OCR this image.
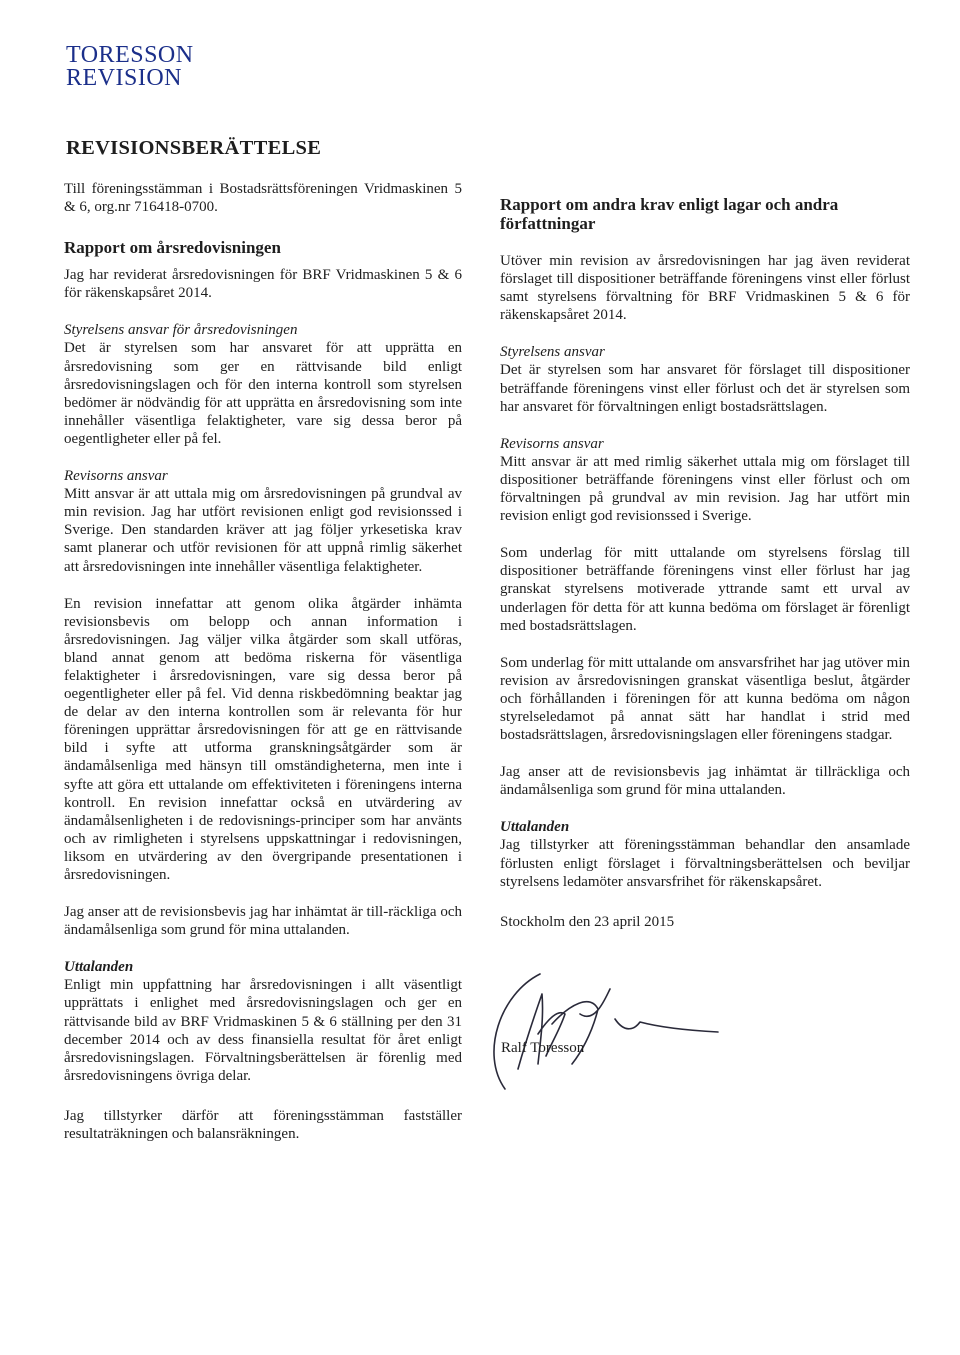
TORESSON
REVISION
REVISIONSBERÄTTELSE

Till föreningsstämman i Bostadsrättsföreningen Vridmaskinen 5 & 6, org.nr 716418-0700.

Rapport om årsredovisningen

Jag har reviderat årsredovisningen för BRF Vridmaskinen 5 & 6 för räkenskapsåret 2014.

Styrelsens ansvar för årsredovisningen

Det är styrelsen som har ansvaret för att upprätta en årsredovisning som ger en rättvisande bild enligt årsredovisningslagen och för den interna kontroll som styrelsen bedömer är nödvändig för att upprätta en årsredovisning som inte innehåller väsentliga felaktigheter, vare sig dessa beror på oegentligheter eller på fel.

Revisorns ansvar

Mitt ansvar är att uttala mig om årsredovisningen på grundval av min revision. Jag har utfört revisionen enligt god revisionssed i Sverige. Den standarden kräver att jag följer yrkesetiska krav samt planerar och utför revisionen för att uppnå rimlig säkerhet att årsredovisningen inte innehåller väsentliga felaktigheter.

En revision innefattar att genom olika åtgärder inhämta revisionsbevis om belopp och annan information i årsredovisningen. Jag väljer vilka åtgärder som skall utföras, bland annat genom att bedöma riskerna för väsentliga felaktigheter i årsredovisningen, vare sig dessa beror på oegentligheter eller på fel. Vid denna riskbedömning beaktar jag de delar av den interna kontrollen som är relevanta för hur föreningen upprättar årsredovisningen för att ge en rättvisande bild i syfte att utforma granskningsåtgärder som är ändamålsenliga med hänsyn till omständigheterna, men inte i syfte att göra ett uttalande om effektiviteten i föreningens interna kontroll. En revision innefattar också en utvärdering av ändamålsenligheten i de redovisnings-principer som har använts och av rimligheten i styrelsens uppskattningar i redovisningen, liksom en utvärdering av den övergripande presentationen i årsredovisningen.

Jag anser att de revisionsbevis jag har inhämtat är till-räckliga och ändamålsenliga som grund för mina uttalanden.

Uttalanden

Enligt min uppfattning har årsredovisningen i allt väsentligt upprättats i enlighet med årsredovisningslagen och ger en rättvisande bild av BRF Vridmaskinen 5 & 6 ställning per den 31 december 2014 och av dess finansiella resultat för året enligt årsredovisningslagen. Förvaltningsberättelsen är förenlig med årsredovisningens övriga delar.

Jag tillstyrker därför att föreningsstämman fastställer resultaträkningen och balansräkningen.

Rapport om andra krav enligt lagar och andra författningar

Utöver min revision av årsredovisningen har jag även reviderat förslaget till dispositioner beträffande föreningens vinst eller förlust samt styrelsens förvaltning för BRF Vridmaskinen 5 & 6 för räkenskapsåret 2014.

Styrelsens ansvar

Det är styrelsen som har ansvaret för förslaget till dispositioner beträffande föreningens vinst eller förlust och det är styrelsen som har ansvaret för förvaltningen enligt bostadsrättslagen.

Revisorns ansvar

Mitt ansvar är att med rimlig säkerhet uttala mig om förslaget till dispositioner beträffande föreningens vinst eller förlust och om förvaltningen på grundval av min revision. Jag har utfört min revision enligt god revisionssed i Sverige.

Som underlag för mitt uttalande om styrelsens förslag till dispositioner beträffande föreningens vinst eller förlust har jag granskat styrelsens motiverade yttrande samt ett urval av underlagen för detta för att kunna bedöma om förslaget är förenligt med bostadsrättslagen.

Som underlag för mitt uttalande om ansvarsfrihet har jag utöver min revision av årsredovisningen granskat väsentliga beslut, åtgärder och förhållanden i föreningen för att kunna bedöma om någon styrelseledamot på annat sätt har handlat i strid med bostadsrättslagen, årsredovisningslagen eller föreningens stadgar.

Jag anser att de revisionsbevis jag inhämtat är tillräckliga och ändamålsenliga som grund för mina uttalanden.

Uttalanden

Jag tillstyrker att föreningsstämman behandlar den ansamlade förlusten enligt förslaget i förvaltningsberättelsen och beviljar styrelsens ledamöter ansvarsfrihet för räkenskapsåret.

Stockholm den 23 april 2015

Ralf Toresson
